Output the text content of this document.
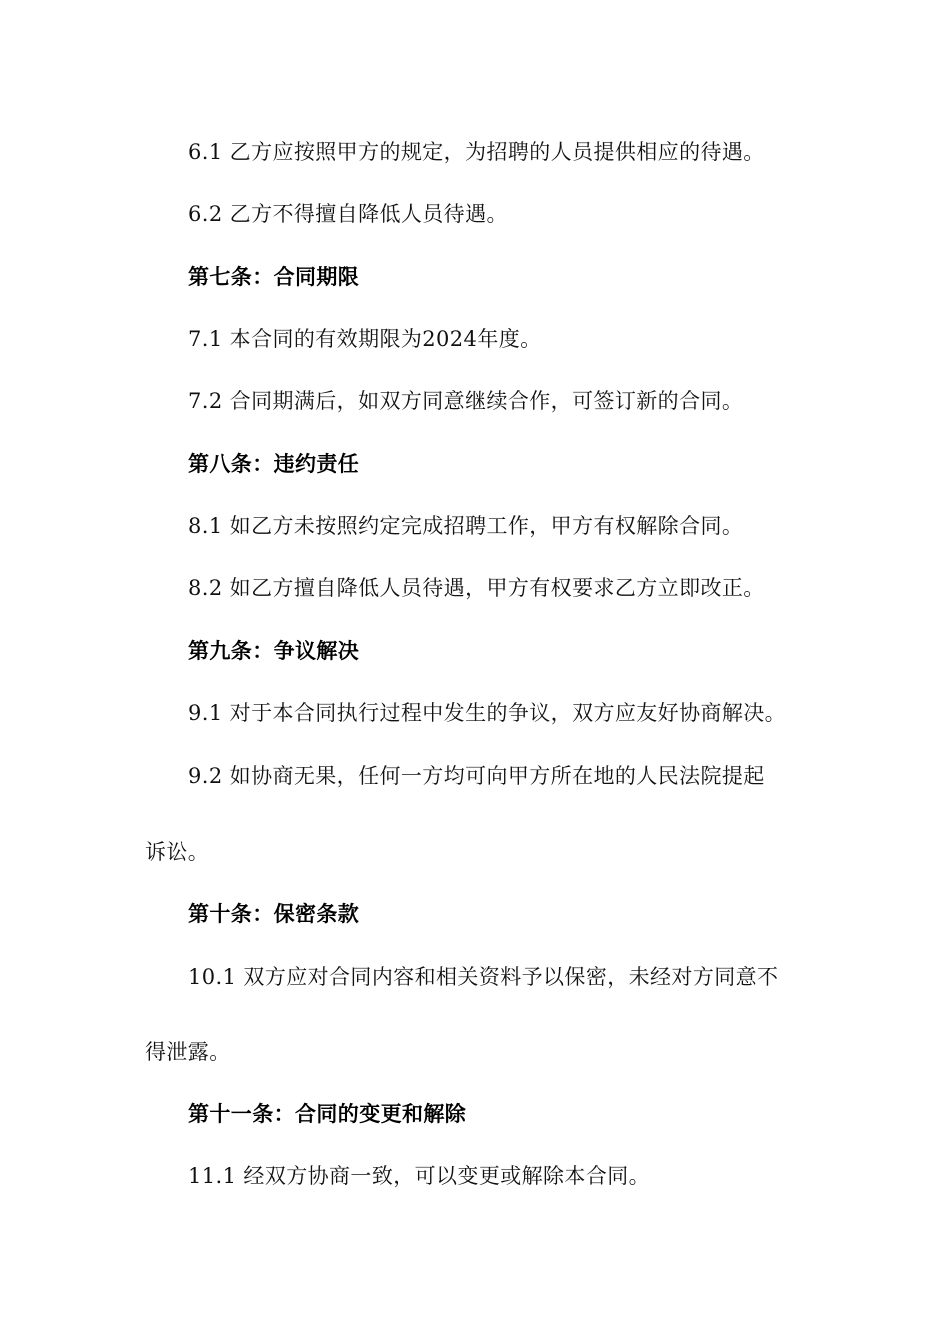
6.1 乙方应按照甲方的规定，为招聘的人员提供相应的待遇。
6.2 乙方不得擅自降低人员待遇。
第七条：合同期限
7.1 本合同的有效期限为2024年度。
7.2 合同期满后，如双方同意继续合作，可签订新的合同。
第八条：违约责任
8.1 如乙方未按照约定完成招聘工作，甲方有权解除合同。
8.2 如乙方擅自降低人员待遇，甲方有权要求乙方立即改正。
第九条：争议解决
9.1 对于本合同执行过程中发生的争议，双方应友好协商解决。
9.2 如协商无果，任何一方均可向甲方所在地的人民法院提起
诉讼。
第十条：保密条款
10.1 双方应对合同内容和相关资料予以保密，未经对方同意不
得泄露。
第十一条：合同的变更和解除
11.1 经双方协商一致，可以变更或解除本合同。
